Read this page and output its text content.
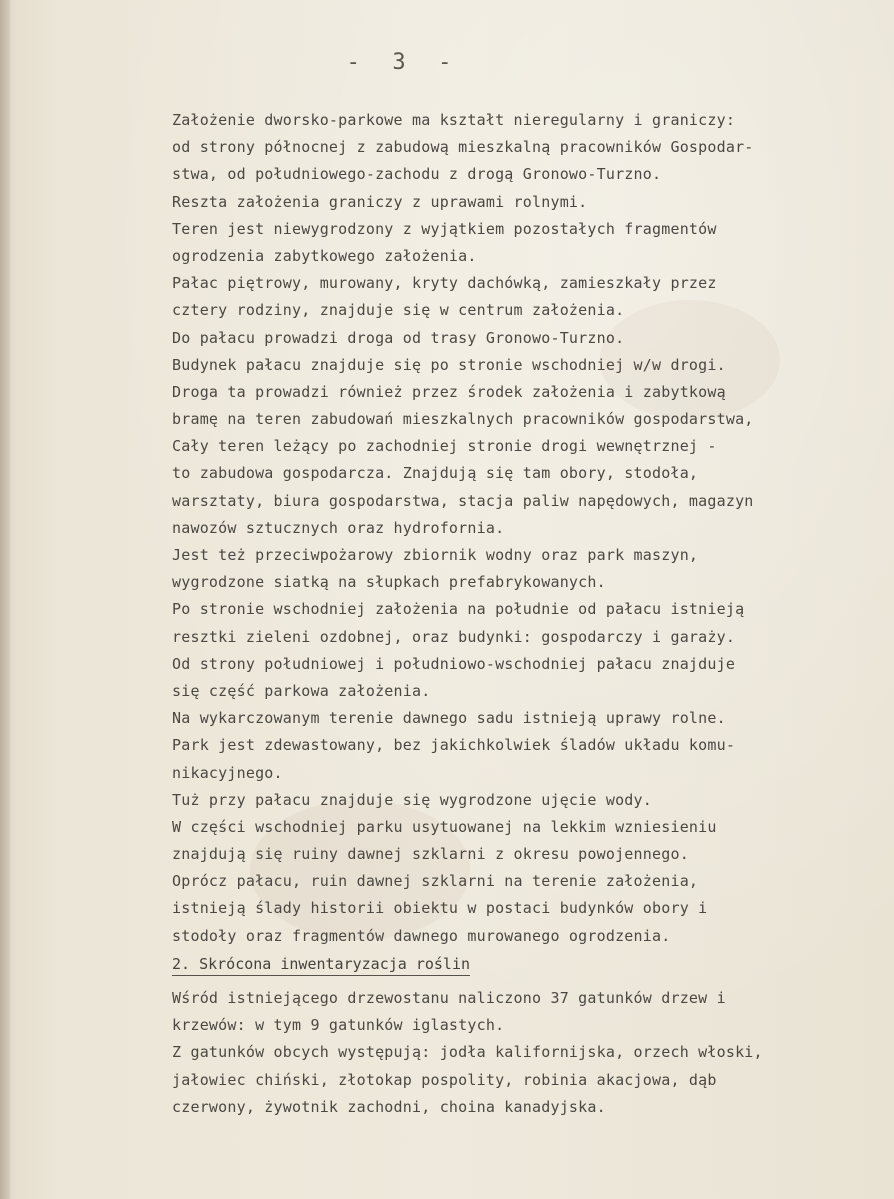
-  3  -
Założenie dworsko-parkowe ma kształt nieregularny i graniczy:
od strony północnej z zabudową mieszkalną pracowników Gospodar-
stwa, od południowego-zachodu z drogą Gronowo-Turzno.
Reszta założenia graniczy z uprawami rolnymi.
Teren jest niewygrodzony z wyjątkiem pozostałych fragmentów
ogrodzenia zabytkowego założenia.
Pałac piętrowy, murowany, kryty dachówką, zamieszkały przez
cztery rodziny, znajduje się w centrum założenia.
Do pałacu prowadzi droga od trasy Gronowo-Turzno.
Budynek pałacu znajduje się po stronie wschodniej w/w drogi.
Droga ta prowadzi również przez środek założenia i zabytkową
bramę na teren zabudowań mieszkalnych pracowników gospodarstwa,
Cały teren leżący po zachodniej stronie drogi wewnętrznej -
to zabudowa gospodarcza. Znajdują się tam obory, stodoła,
warsztaty, biura gospodarstwa, stacja paliw napędowych, magazyn
nawozów sztucznych oraz hydrofornia.
Jest też przeciwpożarowy zbiornik wodny oraz park maszyn,
wygrodzone siatką na słupkach prefabrykowanych.
Po stronie wschodniej założenia na południe od pałacu istnieją
resztki zieleni ozdobnej, oraz budynki: gospodarczy i garaży.
Od strony południowej i południowo-wschodniej pałacu znajduje
się część parkowa założenia.
Na wykarczowanym terenie dawnego sadu istnieją uprawy rolne.
Park jest zdewastowany, bez jakichkolwiek śladów układu komu-
nikacyjnego.
Tuż przy pałacu znajduje się wygrodzone ujęcie wody.
W części wschodniej parku usytuowanej na lekkim wzniesieniu
znajdują się ruiny dawnej szklarni z okresu powojennego.
Oprócz pałacu, ruin dawnej szklarni na terenie założenia,
istnieją ślady historii obiektu w postaci budynków obory i
stodoły oraz fragmentów dawnego murowanego ogrodzenia.
2. Skrócona inwentaryzacja roślin
Wśród istniejącego drzewostanu naliczono 37 gatunków drzew i
krzewów: w tym 9 gatunków iglastych.
Z gatunków obcych występują: jodła kalifornijska, orzech włoski,
jałowiec chiński, złotokap pospolity, robinia akacjowa, dąb
czerwony, żywotnik zachodni, choina kanadyjska.
